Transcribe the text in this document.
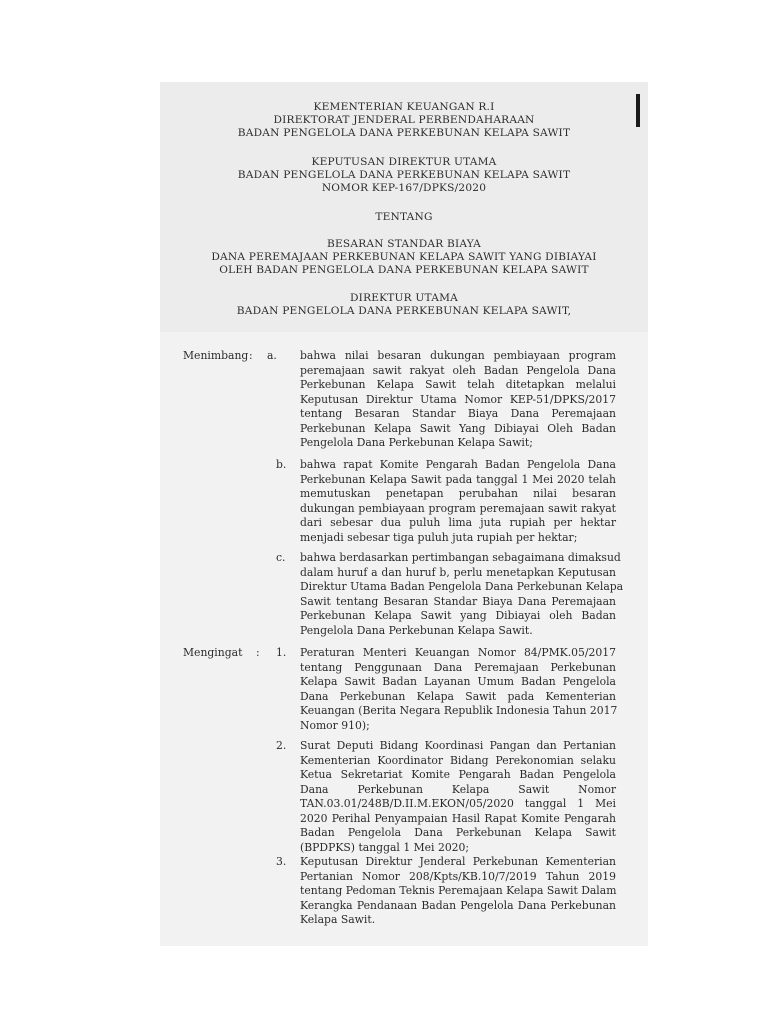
KEMENTERIAN KEUANGAN R.I
DIREKTORAT JENDERAL PERBENDAHARAAN
BADAN PENGELOLA DANA PERKEBUNAN KELAPA SAWIT
KEPUTUSAN DIREKTUR UTAMA
BADAN PENGELOLA DANA PERKEBUNAN KELAPA SAWIT
NOMOR KEP-167/DPKS/2020
TENTANG
BESARAN STANDAR BIAYA
DANA PEREMAJAAN PERKEBUNAN KELAPA SAWIT YANG DIBIAYAI
OLEH BADAN PENGELOLA DANA PERKEBUNAN KELAPA SAWIT
DIREKTUR UTAMA
BADAN PENGELOLA DANA PERKEBUNAN KELAPA SAWIT,
Menimbang : a. bahwa nilai besaran dukungan pembiayaan program
peremajaan sawit rakyat oleh Badan Pengelola Dana
Perkebunan Kelapa Sawit telah ditetapkan melalui
Keputusan Direktur Utama Nomor KEP-51/DPKS/2017
tentang Besaran Standar Biaya Dana Peremajaan
Perkebunan Kelapa Sawit Yang Dibiayai Oleh Badan
Pengelola Dana Perkebunan Kelapa Sawit;
b. bahwa rapat Komite Pengarah Badan Pengelola Dana
Perkebunan Kelapa Sawit pada tanggal 1 Mei 2020 telah
memutuskan penetapan perubahan nilai besaran
dukungan pembiayaan program peremajaan sawit rakyat
dari sebesar dua puluh lima juta rupiah per hektar
menjadi sebesar tiga puluh juta rupiah per hektar;
c. bahwa berdasarkan pertimbangan sebagaimana dimaksud
dalam huruf a dan huruf b, perlu menetapkan Keputusan
Direktur Utama Badan Pengelola Dana Perkebunan Kelapa
Sawit tentang Besaran Standar Biaya Dana Peremajaan
Perkebunan Kelapa Sawit yang Dibiayai oleh Badan
Pengelola Dana Perkebunan Kelapa Sawit.
Mengingat : 1. Peraturan Menteri Keuangan Nomor 84/PMK.05/2017
tentang Penggunaan Dana Peremajaan Perkebunan
Kelapa Sawit Badan Layanan Umum Badan Pengelola
Dana Perkebunan Kelapa Sawit pada Kementerian
Keuangan (Berita Negara Republik Indonesia Tahun 2017
Nomor 910);
2. Surat Deputi Bidang Koordinasi Pangan dan Pertanian
Kementerian Koordinator Bidang Perekonomian selaku
Ketua Sekretariat Komite Pengarah Badan Pengelola
Dana Perkebunan Kelapa Sawit Nomor
TAN.03.01/248B/D.II.M.EKON/05/2020 tanggal 1 Mei
2020 Perihal Penyampaian Hasil Rapat Komite Pengarah
Badan Pengelola Dana Perkebunan Kelapa Sawit
(BPDPKS) tanggal 1 Mei 2020;
3. Keputusan Direktur Jenderal Perkebunan Kementerian
Pertanian Nomor 208/Kpts/KB.10/7/2019 Tahun 2019
tentang Pedoman Teknis Peremajaan Kelapa Sawit Dalam
Kerangka Pendanaan Badan Pengelola Dana Perkebunan
Kelapa Sawit.
